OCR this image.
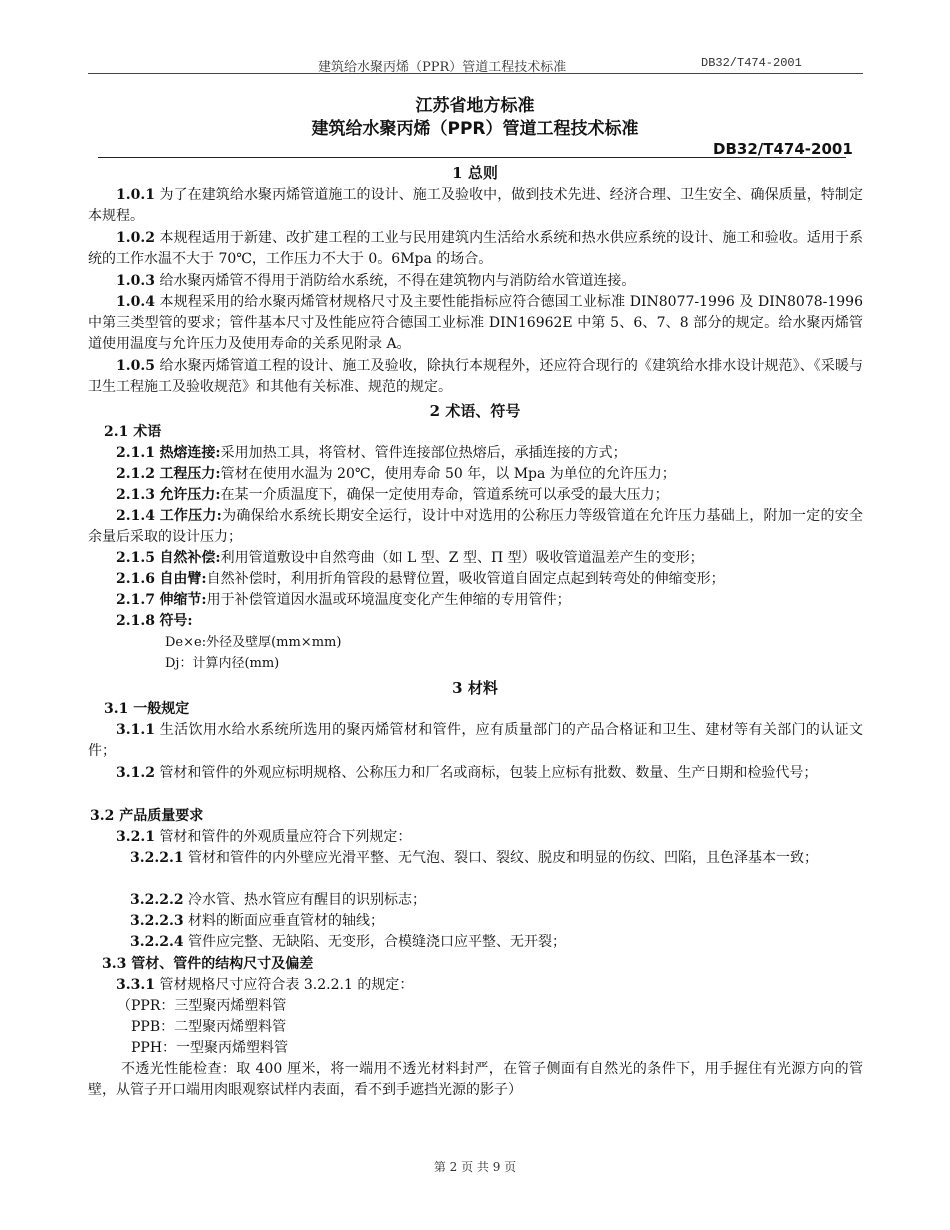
建筑给水聚丙烯（PPR）管道工程技术标准	DB32/T474-2001
江苏省地方标准
建筑给水聚丙烯（PPR）管道工程技术标准
DB32/T474-2001
1 总则
1.0.1 为了在建筑给水聚丙烯管道施工的设计、施工及验收中，做到技术先进、经济合理、卫生安全、确保质量，特制定本规程。
1.0.2 本规程适用于新建、改扩建工程的工业与民用建筑内生活给水系统和热水供应系统的设计、施工和验收。适用于系统的工作水温不大于 70℃，工作压力不大于 0。6Mpa 的场合。
1.0.3 给水聚丙烯管不得用于消防给水系统，不得在建筑物内与消防给水管道连接。
1.0.4 本规程采用的给水聚丙烯管材规格尺寸及主要性能指标应符合德国工业标准 DIN8077-1996 及 DIN8078-1996 中第三类型管的要求；管件基本尺寸及性能应符合德国工业标准 DIN16962E 中第 5、6、7、8 部分的规定。给水聚丙烯管道使用温度与允许压力及使用寿命的关系见附录 A。
1.0.5 给水聚丙烯管道工程的设计、施工及验收，除执行本规程外，还应符合现行的《建筑给水排水设计规范》、《采暖与卫生工程施工及验收规范》和其他有关标准、规范的规定。
2 术语、符号
2.1 术语
2.1.1 热熔连接:采用加热工具，将管材、管件连接部位热熔后，承插连接的方式；
2.1.2 工程压力:管材在使用水温为 20℃，使用寿命 50 年，以 Mpa 为单位的允许压力；
2.1.3 允许压力:在某一介质温度下，确保一定使用寿命，管道系统可以承受的最大压力；
2.1.4 工作压力:为确保给水系统长期安全运行，设计中对选用的公称压力等级管道在允许压力基础上，附加一定的安全余量后采取的设计压力；
2.1.5 自然补偿:利用管道敷设中自然弯曲（如 L 型、Z 型、Π 型）吸收管道温差产生的变形；
2.1.6 自由臂:自然补偿时，利用折角管段的悬臂位置，吸收管道自固定点起到转弯处的伸缩变形；
2.1.7 伸缩节:用于补偿管道因水温或环境温度变化产生伸缩的专用管件；
2.1.8 符号:
De×e:外径及壁厚(mm×mm)
Dj：计算内径(mm)
3 材料
3.1 一般规定
3.1.1 生活饮用水给水系统所选用的聚丙烯管材和管件，应有质量部门的产品合格证和卫生、建材等有关部门的认证文件；
3.1.2 管材和管件的外观应标明规格、公称压力和厂名或商标，包装上应标有批数、数量、生产日期和检验代号；
3.2 产品质量要求
3.2.1 管材和管件的外观质量应符合下列规定：
3.2.2.1 管材和管件的内外壁应光滑平整、无气泡、裂口、裂纹、脱皮和明显的伤纹、凹陷，且色泽基本一致；
3.2.2.2 冷水管、热水管应有醒目的识别标志；
3.2.2.3 材料的断面应垂直管材的轴线；
3.2.2.4 管件应完整、无缺陷、无变形，合模缝浇口应平整、无开裂；
3.3 管材、管件的结构尺寸及偏差
3.3.1 管材规格尺寸应符合表 3.2.2.1 的规定：
（PPR：三型聚丙烯塑料管
PPB：二型聚丙烯塑料管
PPH：一型聚丙烯塑料管
不透光性能检查：取 400 厘米，将一端用不透光材料封严，在管子侧面有自然光的条件下，用手握住有光源方向的管壁，从管子开口端用肉眼观察试样内表面，看不到手遮挡光源的影子）
第 2 页 共 9 页
